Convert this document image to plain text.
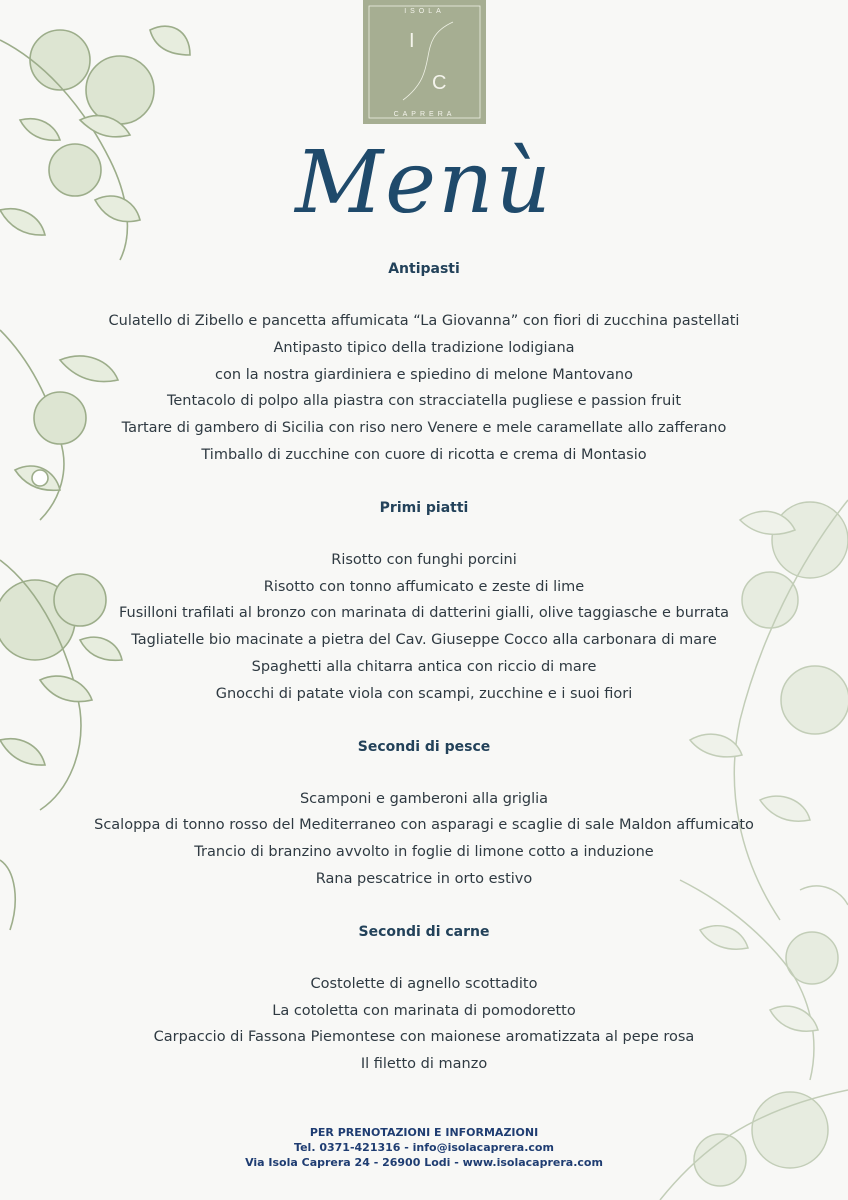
ISOLA
I
C
CAPRERA
Menù

Antipasti

Culatello di Zibello e pancetta affumicata “La Giovanna” con fiori di zucchina pastellati

Antipasto tipico della tradizione lodigiana

con la nostra giardiniera e spiedino di melone Mantovano

Tentacolo di polpo alla piastra con stracciatella pugliese e passion fruit

Tartare di gambero di Sicilia con riso nero Venere e mele caramellate allo zafferano

Timballo di zucchine con cuore di ricotta e crema di Montasio

Primi piatti

Risotto con funghi porcini

Risotto con tonno affumicato e zeste di lime

Fusilloni trafilati al bronzo con marinata di datterini gialli, olive taggiasche e burrata

Tagliatelle bio macinate a pietra del Cav. Giuseppe Cocco alla carbonara di mare

Spaghetti alla chitarra antica con riccio di mare

Gnocchi di patate viola con scampi, zucchine e i suoi fiori

Secondi di pesce

Scamponi e gamberoni alla griglia

Scaloppa di tonno rosso del Mediterraneo con asparagi e scaglie di sale Maldon affumicato

Trancio di branzino avvolto in foglie di limone cotto a induzione

Rana pescatrice in orto estivo

Secondi di carne

Costolette di agnello scottadito

La cotoletta con marinata di pomodoretto

Carpaccio di Fassona Piemontese con maionese aromatizzata al pepe rosa

Il filetto di manzo

PER PRENOTAZIONI E INFORMAZIONI
Tel. 0371-421316 - info@isolacaprera.com
Via Isola Caprera 24 - 26900 Lodi - www.isolacaprera.com
